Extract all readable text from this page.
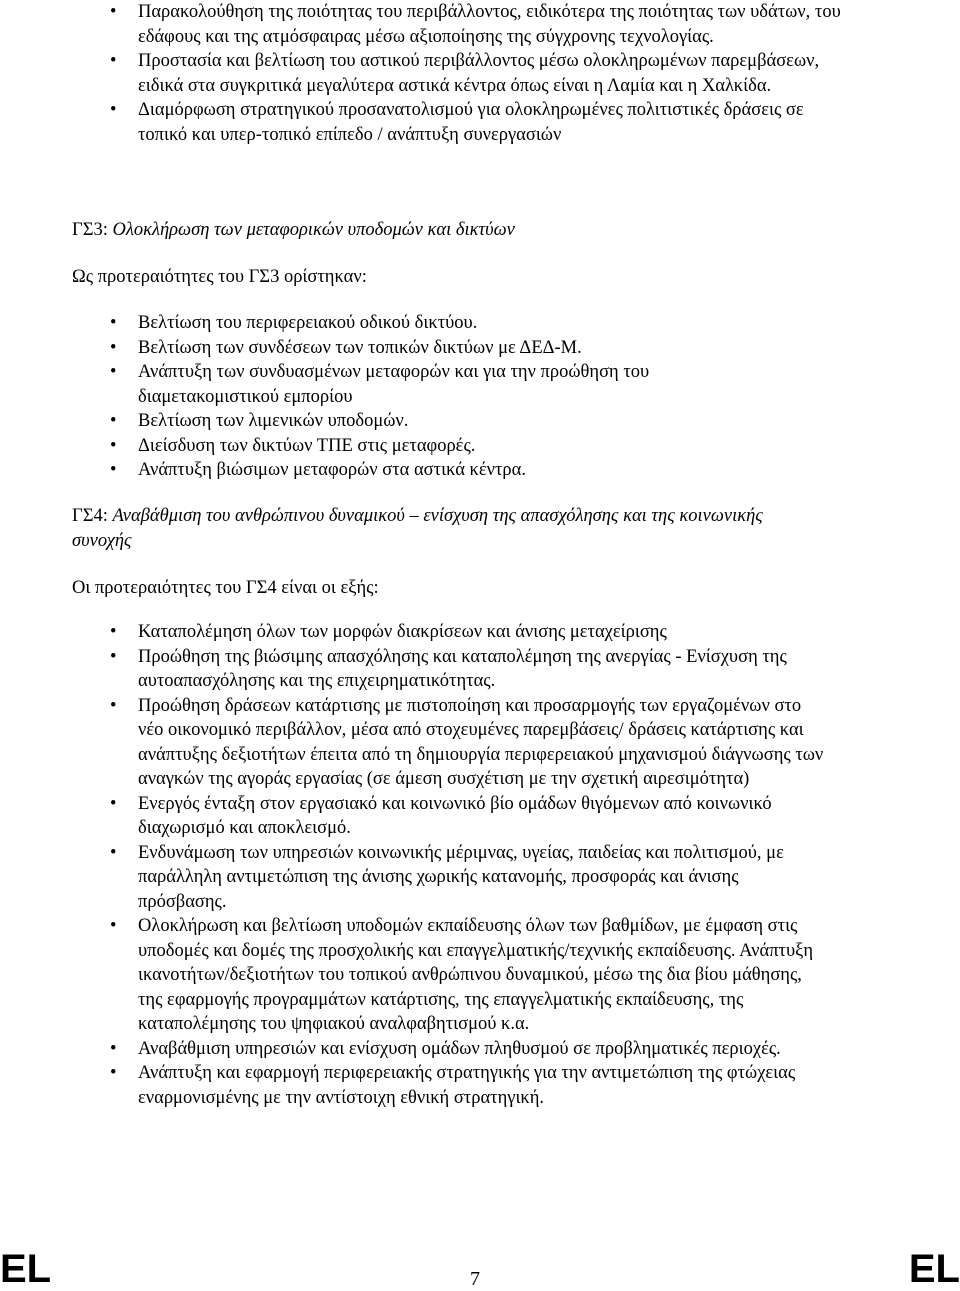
• Παρακολούθηση της ποιότητας του περιβάλλοντος, ειδικότερα της ποιότητας των υδάτων, του εδάφους και της ατμόσφαιρας μέσω αξιοποίησης της σύγχρονης τεχνολογίας.
• Προστασία και βελτίωση του αστικού περιβάλλοντος μέσω ολοκληρωμένων παρεμβάσεων, ειδικά στα συγκριτικά μεγαλύτερα αστικά κέντρα όπως είναι η Λαμία και η Χαλκίδα.
• Διαμόρφωση στρατηγικού προσανατολισμού για ολοκληρωμένες πολιτιστικές δράσεις σε τοπικό και υπερ-τοπικό επίπεδο / ανάπτυξη συνεργασιών
ΓΣ3: Ολοκλήρωση των μεταφορικών υποδομών και δικτύων
Ως προτεραιότητες του ΓΣ3 ορίστηκαν:
• Βελτίωση του περιφερειακού οδικού δικτύου.
• Βελτίωση των συνδέσεων των τοπικών δικτύων με ΔΕΔ-Μ.
• Ανάπτυξη των συνδυασμένων μεταφορών και για την προώθηση του διαμετακομιστικού εμπορίου
• Βελτίωση των λιμενικών υποδομών.
• Διείσδυση των δικτύων ΤΠΕ στις μεταφορές.
• Ανάπτυξη βιώσιμων μεταφορών στα αστικά κέντρα.
ΓΣ4: Αναβάθμιση του ανθρώπινου δυναμικού – ενίσχυση της απασχόλησης και της κοινωνικής συνοχής
Οι προτεραιότητες του ΓΣ4 είναι οι εξής:
• Καταπολέμηση όλων των μορφών διακρίσεων και άνισης μεταχείρισης
• Προώθηση της βιώσιμης απασχόλησης και καταπολέμηση της ανεργίας - Ενίσχυση της αυτοαπασχόλησης και της επιχειρηματικότητας.
• Προώθηση δράσεων κατάρτισης με πιστοποίηση και προσαρμογής των εργαζομένων στο νέο οικονομικό περιβάλλον, μέσα από στοχευμένες παρεμβάσεις/ δράσεις κατάρτισης και ανάπτυξης δεξιοτήτων έπειτα από τη δημιουργία περιφερειακού μηχανισμού διάγνωσης των αναγκών της αγοράς εργασίας (σε άμεση συσχέτιση με την σχετική αιρεσιμότητα)
• Ενεργός ένταξη στον εργασιακό και κοινωνικό βίο ομάδων θιγόμενων από κοινωνικό διαχωρισμό και αποκλεισμό.
• Ενδυνάμωση των υπηρεσιών κοινωνικής μέριμνας, υγείας, παιδείας και πολιτισμού, με παράλληλη αντιμετώπιση της άνισης χωρικής κατανομής, προσφοράς και άνισης πρόσβασης.
• Ολοκλήρωση και βελτίωση υποδομών εκπαίδευσης όλων των βαθμίδων, με έμφαση στις υποδομές και δομές της προσχολικής και επαγγελματικής/τεχνικής εκπαίδευσης. Ανάπτυξη ικανοτήτων/δεξιοτήτων του τοπικού ανθρώπινου δυναμικού, μέσω της δια βίου μάθησης, της εφαρμογής προγραμμάτων κατάρτισης, της επαγγελματικής εκπαίδευσης, της καταπολέμησης του ψηφιακού αναλφαβητισμού κ.α.
• Αναβάθμιση υπηρεσιών και ενίσχυση ομάδων πληθυσμού σε προβληματικές περιοχές.
• Ανάπτυξη και εφαρμογή περιφερειακής στρατηγικής για την αντιμετώπιση της φτώχειας εναρμονισμένης με την αντίστοιχη εθνική στρατηγική.
EL	7	EL
